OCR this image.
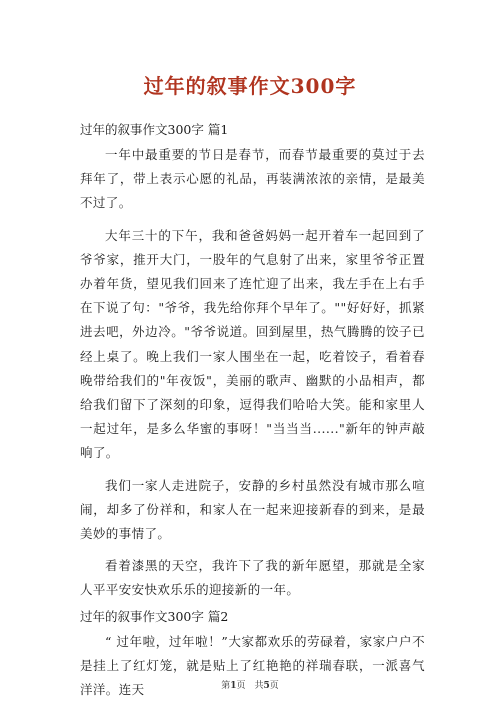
过年的叙事作文300字
过年的叙事作文300字 篇1

一年中最重要的节日是春节，而春节最重要的莫过于去拜年了，带上表示心愿的礼品，再装满浓浓的亲情，是最美不过了。

大年三十的下午，我和爸爸妈妈一起开着车一起回到了爷爷家，推开大门，一股年的气息射了出来，家里爷爷正置办着年货，望见我们回来了连忙迎了出来，我左手在上右手在下说了句："爷爷，我先给你拜个早年了。""好好好，抓紧进去吧，外边冷。"爷爷说道。回到屋里，热气腾腾的饺子已经上桌了。晚上我们一家人围坐在一起，吃着饺子，看着春晚带给我们的"年夜饭"，美丽的歌声、幽默的小品相声，都给我们留下了深刻的印象，逗得我们哈哈大笑。能和家里人一起过年，是多么华蜜的事呀！"当当当......"新年的钟声敲响了。

我们一家人走进院子，安静的乡村虽然没有城市那么喧闹，却多了份祥和，和家人在一起来迎接新春的到来，是最美妙的事情了。

看着漆黑的天空，我许下了我的新年愿望，那就是全家人平平安安快欢乐乐的迎接新的一年。

过年的叙事作文300字 篇2

“ 过年啦，过年啦！”大家都欢乐的劳碌着，家家户户不是挂上了红灯笼，就是贴上了红艳艳的祥瑞春联，一派喜气洋洋。连天	第1页　共5页
